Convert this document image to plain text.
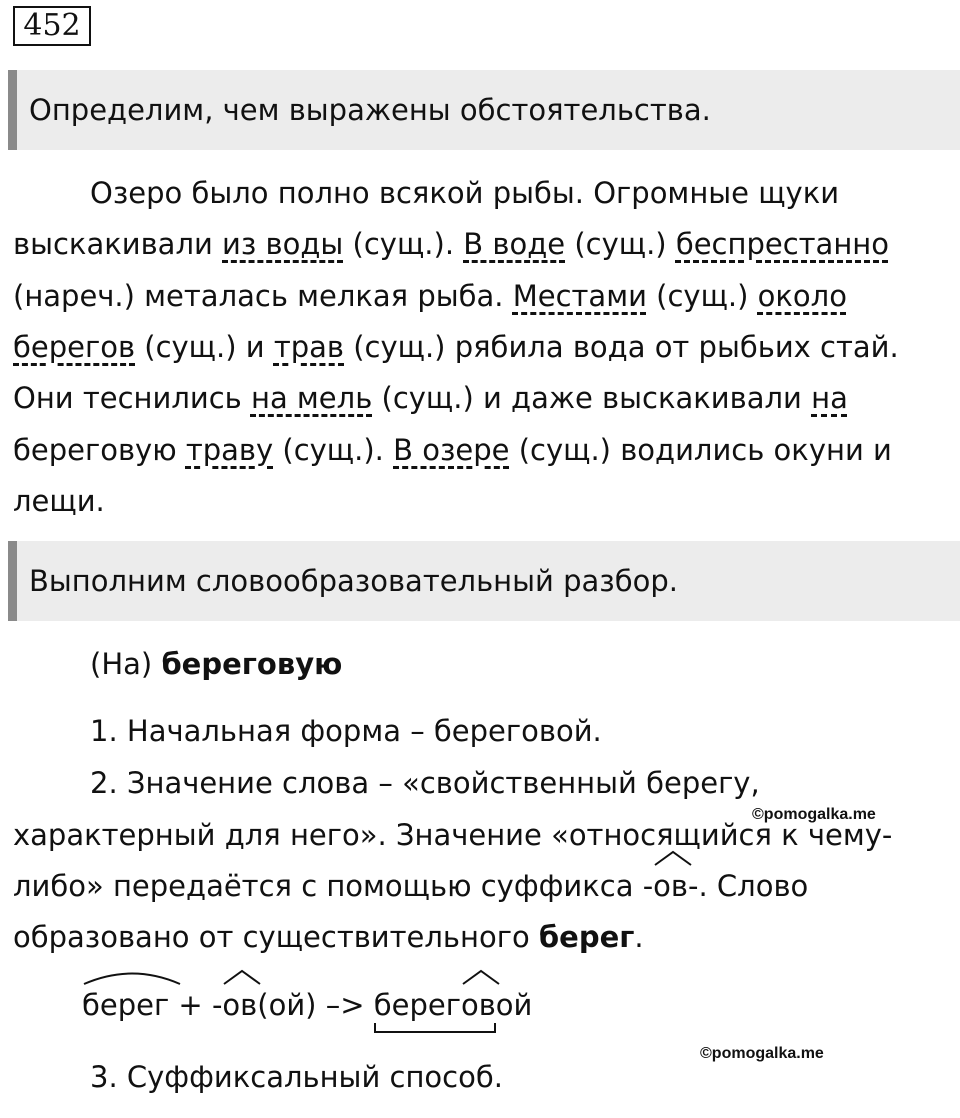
452
Определим, чем выражены обстоятельства.
Озеро было полно всякой рыбы. Огромные щуки
выскакивали из воды (сущ.). В воде (сущ.) беспрестанно
(нареч.) металась мелкая рыба. Местами (сущ.) около
берегов (сущ.) и трав (сущ.) рябила вода от рыбьих стай.
Они теснились на мель (сущ.) и даже выскакивали на
береговую траву (сущ.). В озере (сущ.) водились окуни и
лещи.
Выполним словообразовательный разбор.
(На) береговую
1. Начальная форма – береговой.
2. Значение слова – «свойственный берегу,
©pomogalka.me
характерный для него». Значение «относящийся к чему-
либо» передаётся с помощью суффикса -
ов-. Слово
образовано от существительного берег.
берег + -
ов(ой) –> берег
ов
ой
©pomogalka.me
3. Суффиксальный способ.
